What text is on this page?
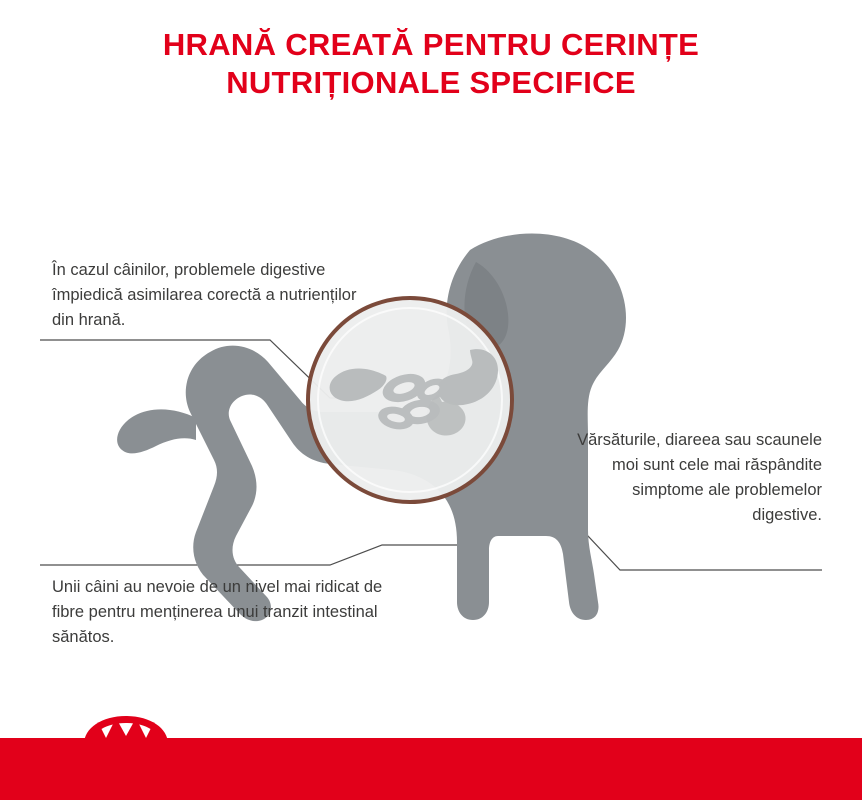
HRANĂ CREATĂ PENTRU CERINȚE
NUTRIȚIONALE SPECIFICE
În cazul câinilor, problemele digestive împiedică asimilarea corectă a nutrienților din hrană.
Vărsăturile, diareea sau scaunele moi sunt cele mai răspândite simptome ale problemelor digestive.
Unii câini au nevoie de un nivel mai ridicat de fibre pentru menținerea unui tranzit intestinal sănătos.
